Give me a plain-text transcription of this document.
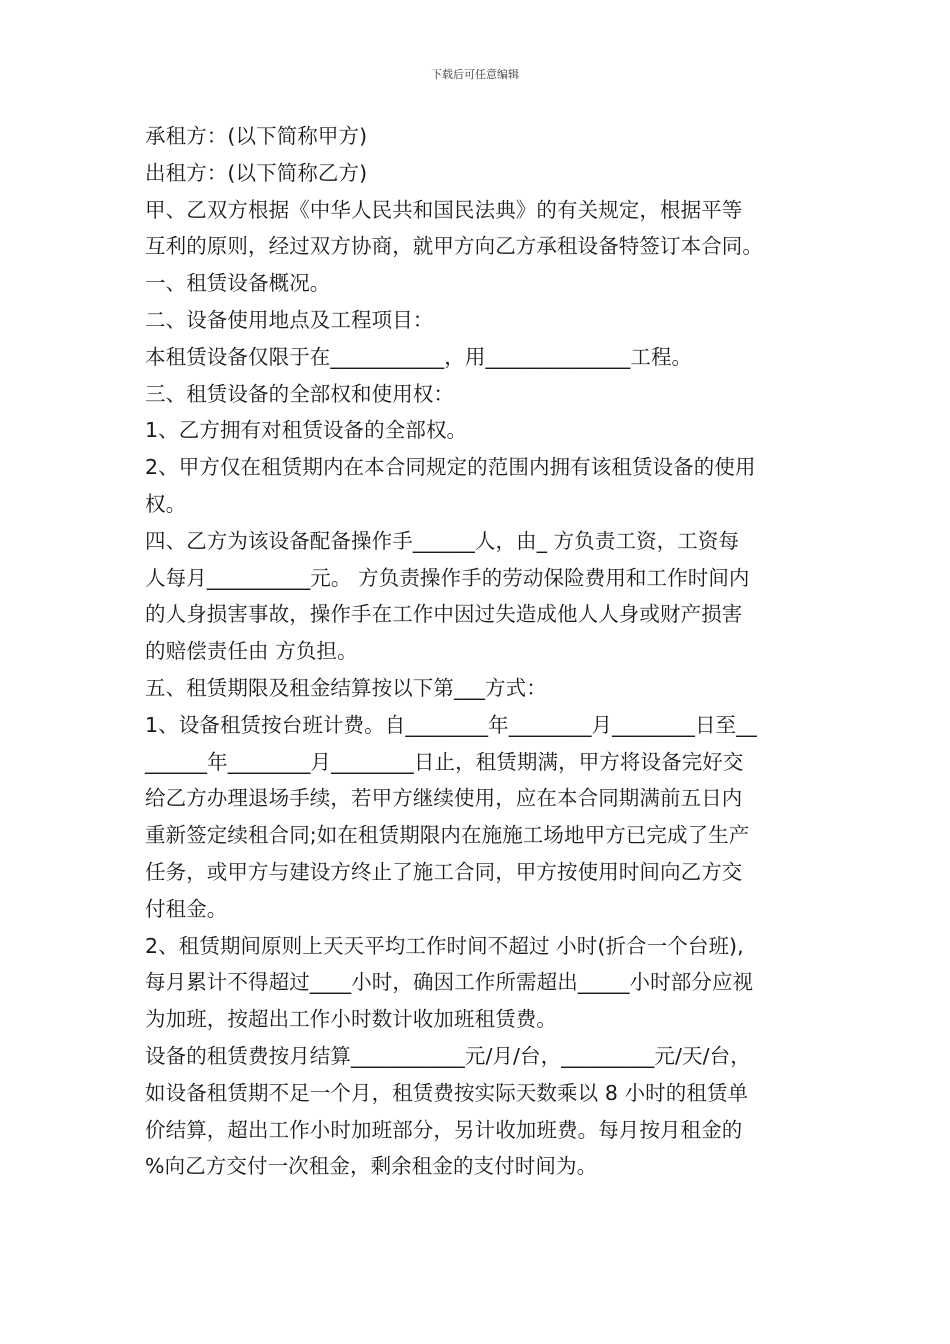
下载后可任意编辑
承租方：(以下简称甲方)
出租方：(以下简称乙方)
甲、乙双方根据《中华人民共和国民法典》的有关规定，根据平等
互利的原则，经过双方协商，就甲方向乙方承租设备特签订本合同。
一、租赁设备概况。
二、设备使用地点及工程项目：
本租赁设备仅限于在___________，用______________工程。
三、租赁设备的全部权和使用权：
1、乙方拥有对租赁设备的全部权。
2、甲方仅在租赁期内在本合同规定的范围内拥有该租赁设备的使用
权。
四、乙方为该设备配备操作手______人，由_ 方负责工资，工资每
人每月__________元。 方负责操作手的劳动保险费用和工作时间内
的人身损害事故，操作手在工作中因过失造成他人人身或财产损害
的赔偿责任由 方负担。
五、租赁期限及租金结算按以下第___方式：
1、设备租赁按台班计费。自________年________月________日至__
______年________月________日止，租赁期满，甲方将设备完好交
给乙方办理退场手续，若甲方继续使用，应在本合同期满前五日内
重新签定续租合同;如在租赁期限内在施施工场地甲方已完成了生产
任务，或甲方与建设方终止了施工合同，甲方按使用时间向乙方交
付租金。
2、租赁期间原则上天天平均工作时间不超过 小时(折合一个台班),
每月累计不得超过____小时，确因工作所需超出_____小时部分应视
为加班，按超出工作小时数计收加班租赁费。
设备的租赁费按月结算___________元/月/台，_________元/天/台，
如设备租赁期不足一个月，租赁费按实际天数乘以 8 小时的租赁单
价结算，超出工作小时加班部分，另计收加班费。每月按月租金的
%向乙方交付一次租金，剩余租金的支付时间为。
